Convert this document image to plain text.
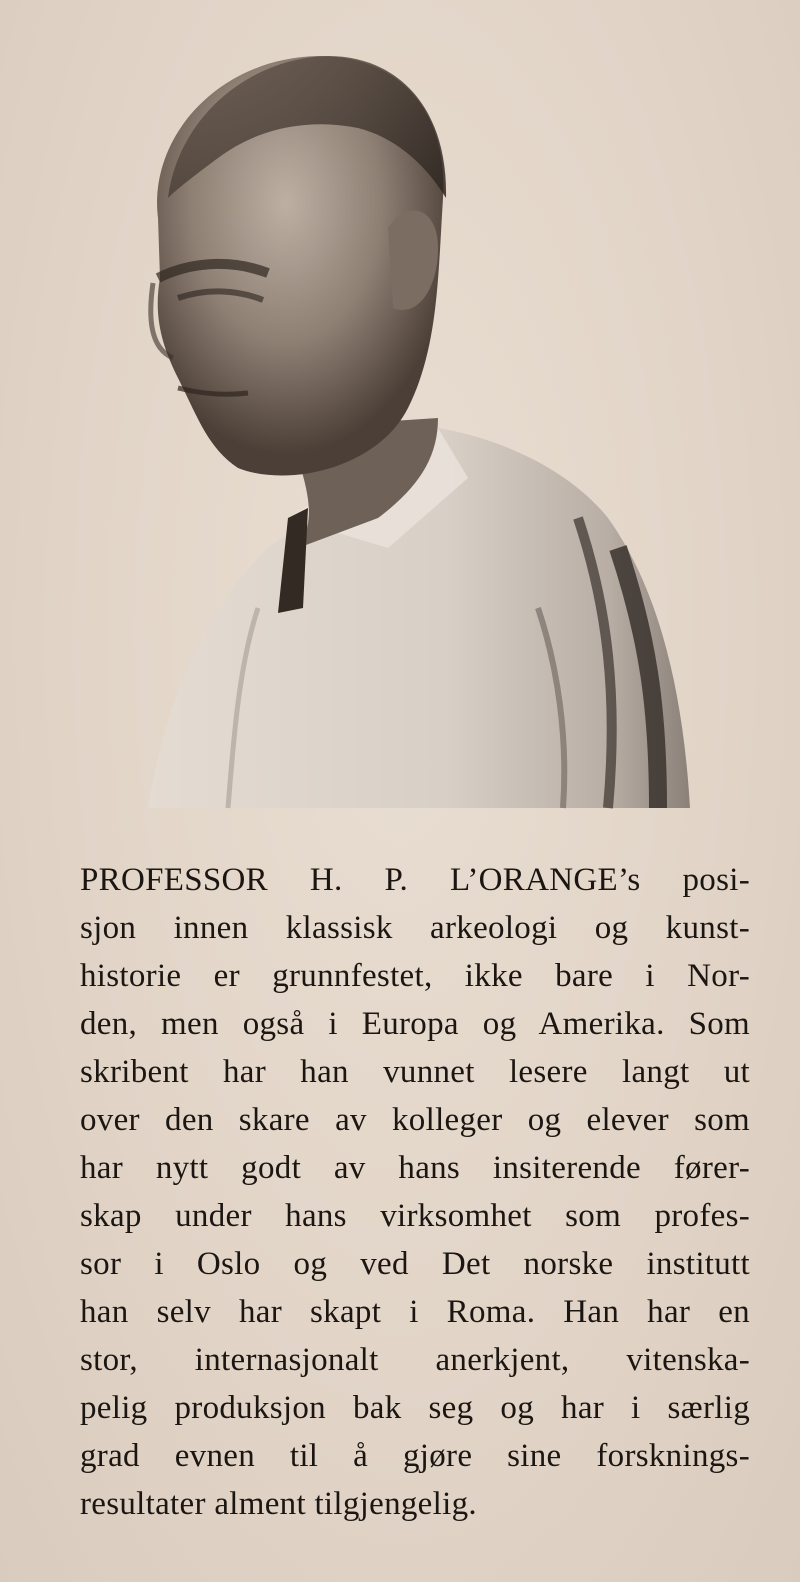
PROFESSOR H. P. L’ORANGE’s posi-
sjon innen klassisk arkeologi og kunst-
historie er grunnfestet, ikke bare i Nor-
den, men også i Europa og Amerika. Som
skribent har han vunnet lesere langt ut
over den skare av kolleger og elever som
har nytt godt av hans insiterende fører-
skap under hans virksomhet som profes-
sor i Oslo og ved Det norske institutt
han selv har skapt i Roma. Han har en
stor, internasjonalt anerkjent, vitenska-
pelig produksjon bak seg og har i særlig
grad evnen til å gjøre sine forsknings-
resultater alment tilgjengelig.
